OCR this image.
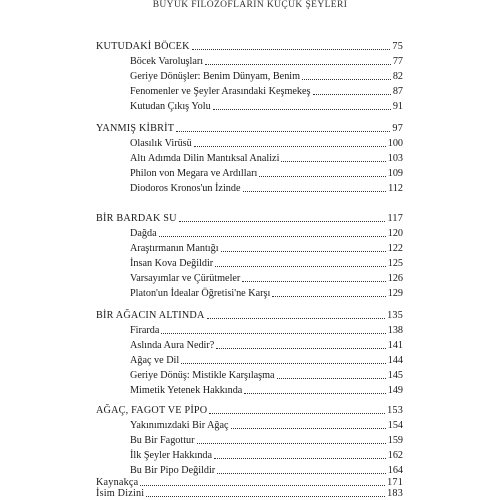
BÜYÜK FİLOZOFLARIN KÜÇÜK ŞEYLERİ
KUTUDAKİ BÖCEK	75
Böcek Varoluşları	77
Geriye Dönüşler: Benim Dünyam, Benim	82
Fenomenler ve Şeyler Arasındaki Keşmekeş	87
Kutudan Çıkış Yolu	91
YANMIŞ KİBRİT	97
Olasılık Virüsü	100
Altı Adımda Dilin Mantıksal Analizi	103
Philon von Megara ve Ardılları	109
Diodoros Kronos'un İzinde	112
BİR BARDAK SU	117
Dağda	120
Araştırmanın Mantığı	122
İnsan Kova Değildir	125
Varsayımlar ve Çürütmeler	126
Platon'un İdealar Öğretisi'ne Karşı	129
BİR AĞACIN ALTINDA	135
Firarda	138
Aslında Aura Nedir?	141
Ağaç ve Dil	144
Geriye Dönüş: Mistikle Karşılaşma	145
Mimetik Yetenek Hakkında	149
AĞAÇ, FAGOT VE PİPO	153
Yakınımızdaki Bir Ağaç	154
Bu Bir Fagottur	159
İlk Şeyler Hakkında	162
Bu Bir Pipo Değildir	164
Kaynakça	171
İsim Dizini	183
